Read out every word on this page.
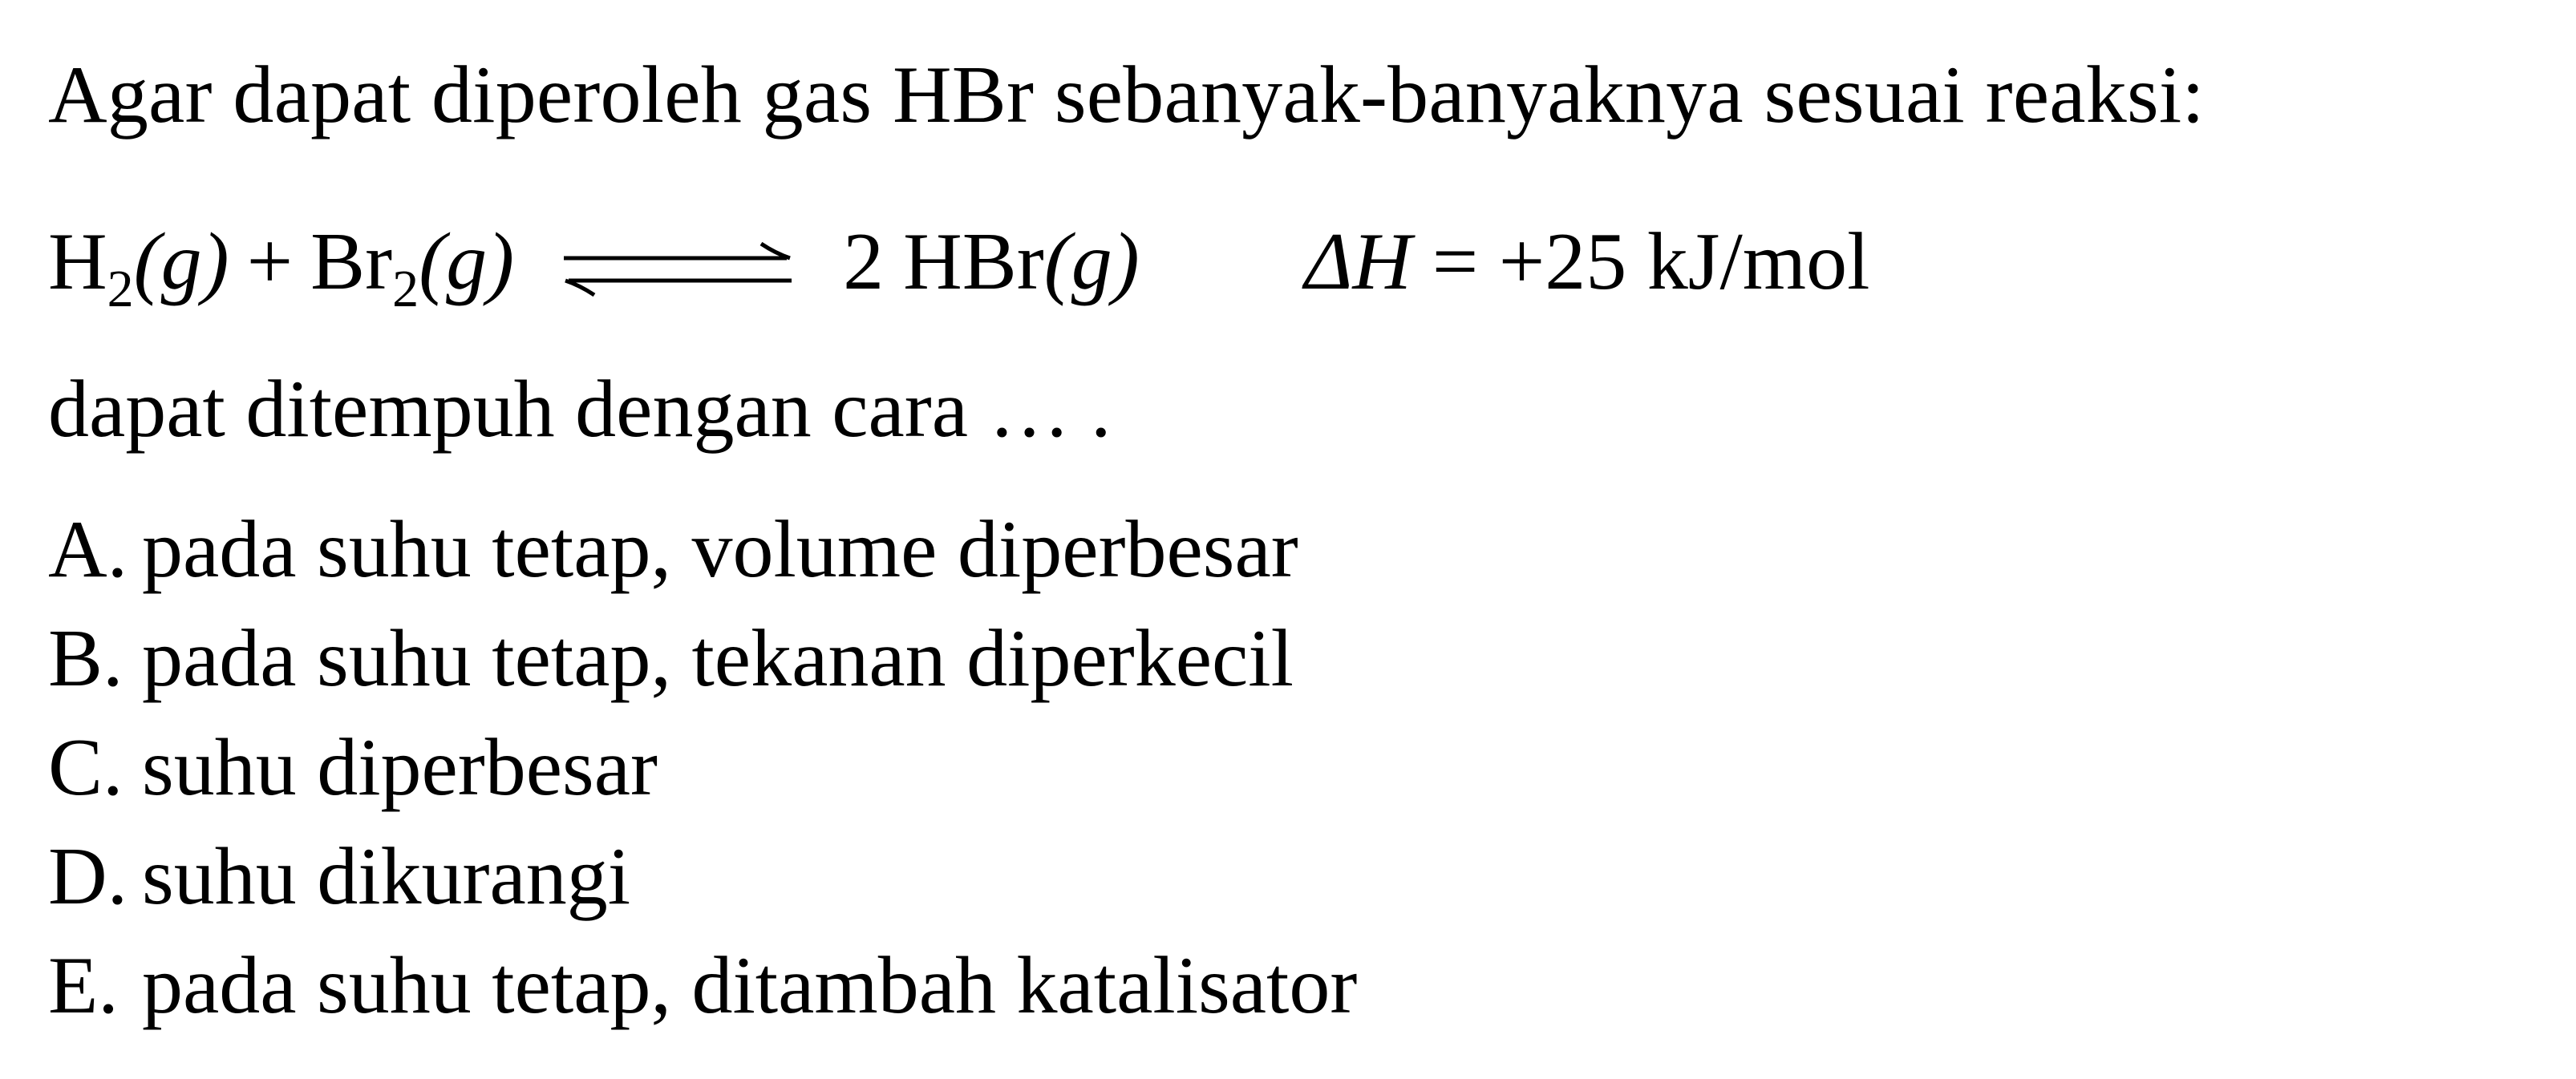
Agar dapat diperoleh gas HBr sebanyak-banyaknya sesuai reaksi:
$H_2$ $(g) + Br_2$ (g) ⇌ 2 HBr (g) ΔH = +25 kJ/mol
dapat ditempuh dengan cara … .
A. pada suhu tetap, volume diperbesar
B. pada suhu tetap, tekanan diperkecil
C. suhu diperbesar
D. suhu dikurangi
E. pada suhu tetap, ditambah katalisator
